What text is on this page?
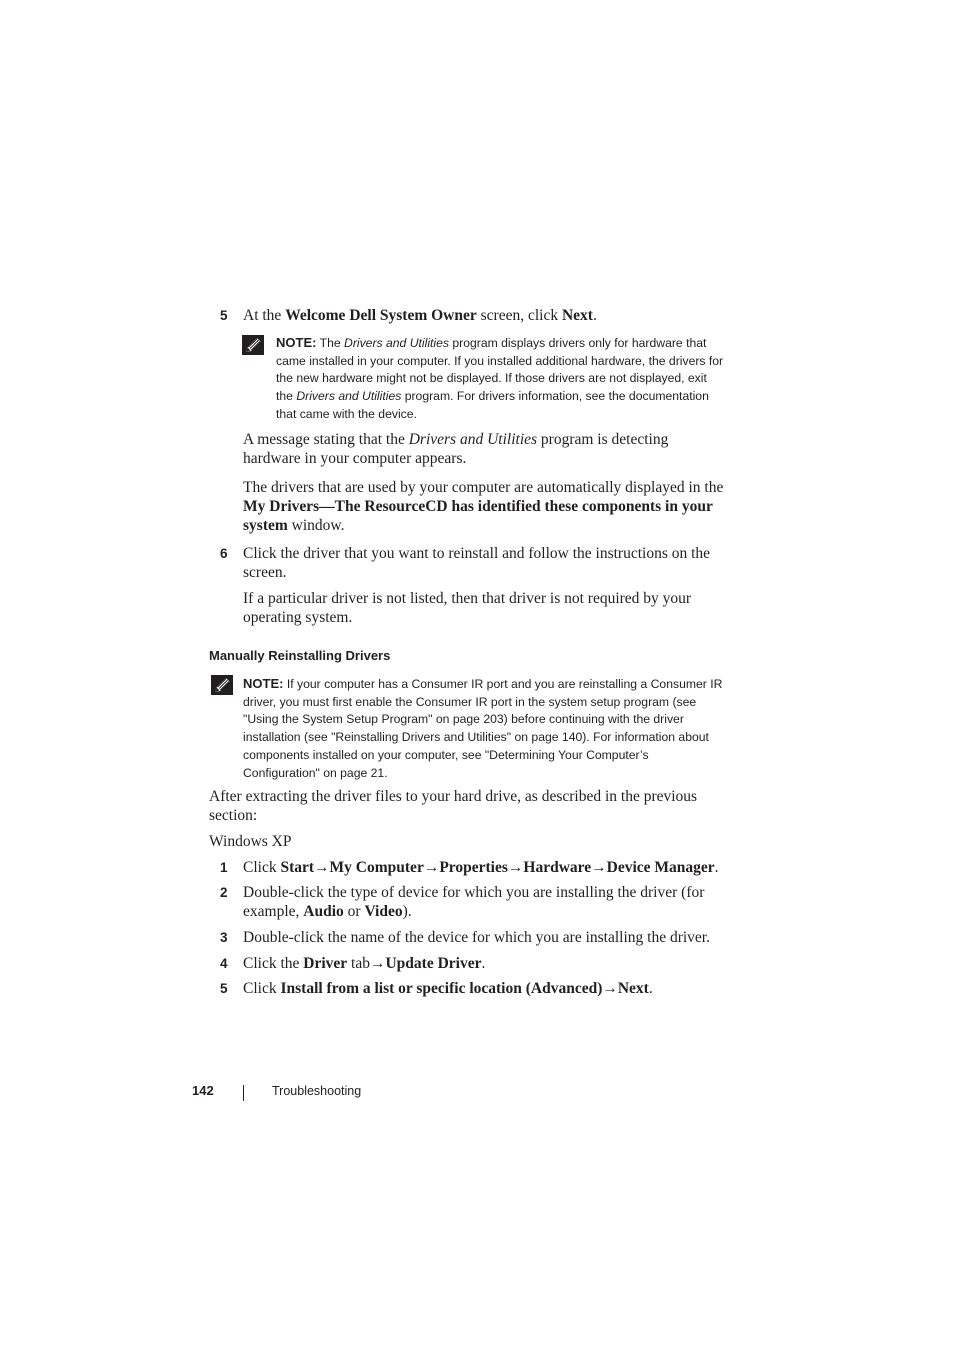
5 At the Welcome Dell System Owner screen, click Next.
NOTE: The Drivers and Utilities program displays drivers only for hardware that came installed in your computer. If you installed additional hardware, the drivers for the new hardware might not be displayed. If those drivers are not displayed, exit the Drivers and Utilities program. For drivers information, see the documentation that came with the device.
A message stating that the Drivers and Utilities program is detecting hardware in your computer appears.
The drivers that are used by your computer are automatically displayed in the My Drivers—The ResourceCD has identified these components in your system window.
6 Click the driver that you want to reinstall and follow the instructions on the screen.
If a particular driver is not listed, then that driver is not required by your operating system.
Manually Reinstalling Drivers
NOTE: If your computer has a Consumer IR port and you are reinstalling a Consumer IR driver, you must first enable the Consumer IR port in the system setup program (see "Using the System Setup Program" on page 203) before continuing with the driver installation (see "Reinstalling Drivers and Utilities" on page 140). For information about components installed on your computer, see "Determining Your Computer’s Configuration" on page 21.
After extracting the driver files to your hard drive, as described in the previous section:
Windows XP
1 Click Start→My Computer→Properties→Hardware→Device Manager.
2 Double-click the type of device for which you are installing the driver (for example, Audio or Video).
3 Double-click the name of the device for which you are installing the driver.
4 Click the Driver tab→Update Driver.
5 Click Install from a list or specific location (Advanced)→Next.
142	Troubleshooting
